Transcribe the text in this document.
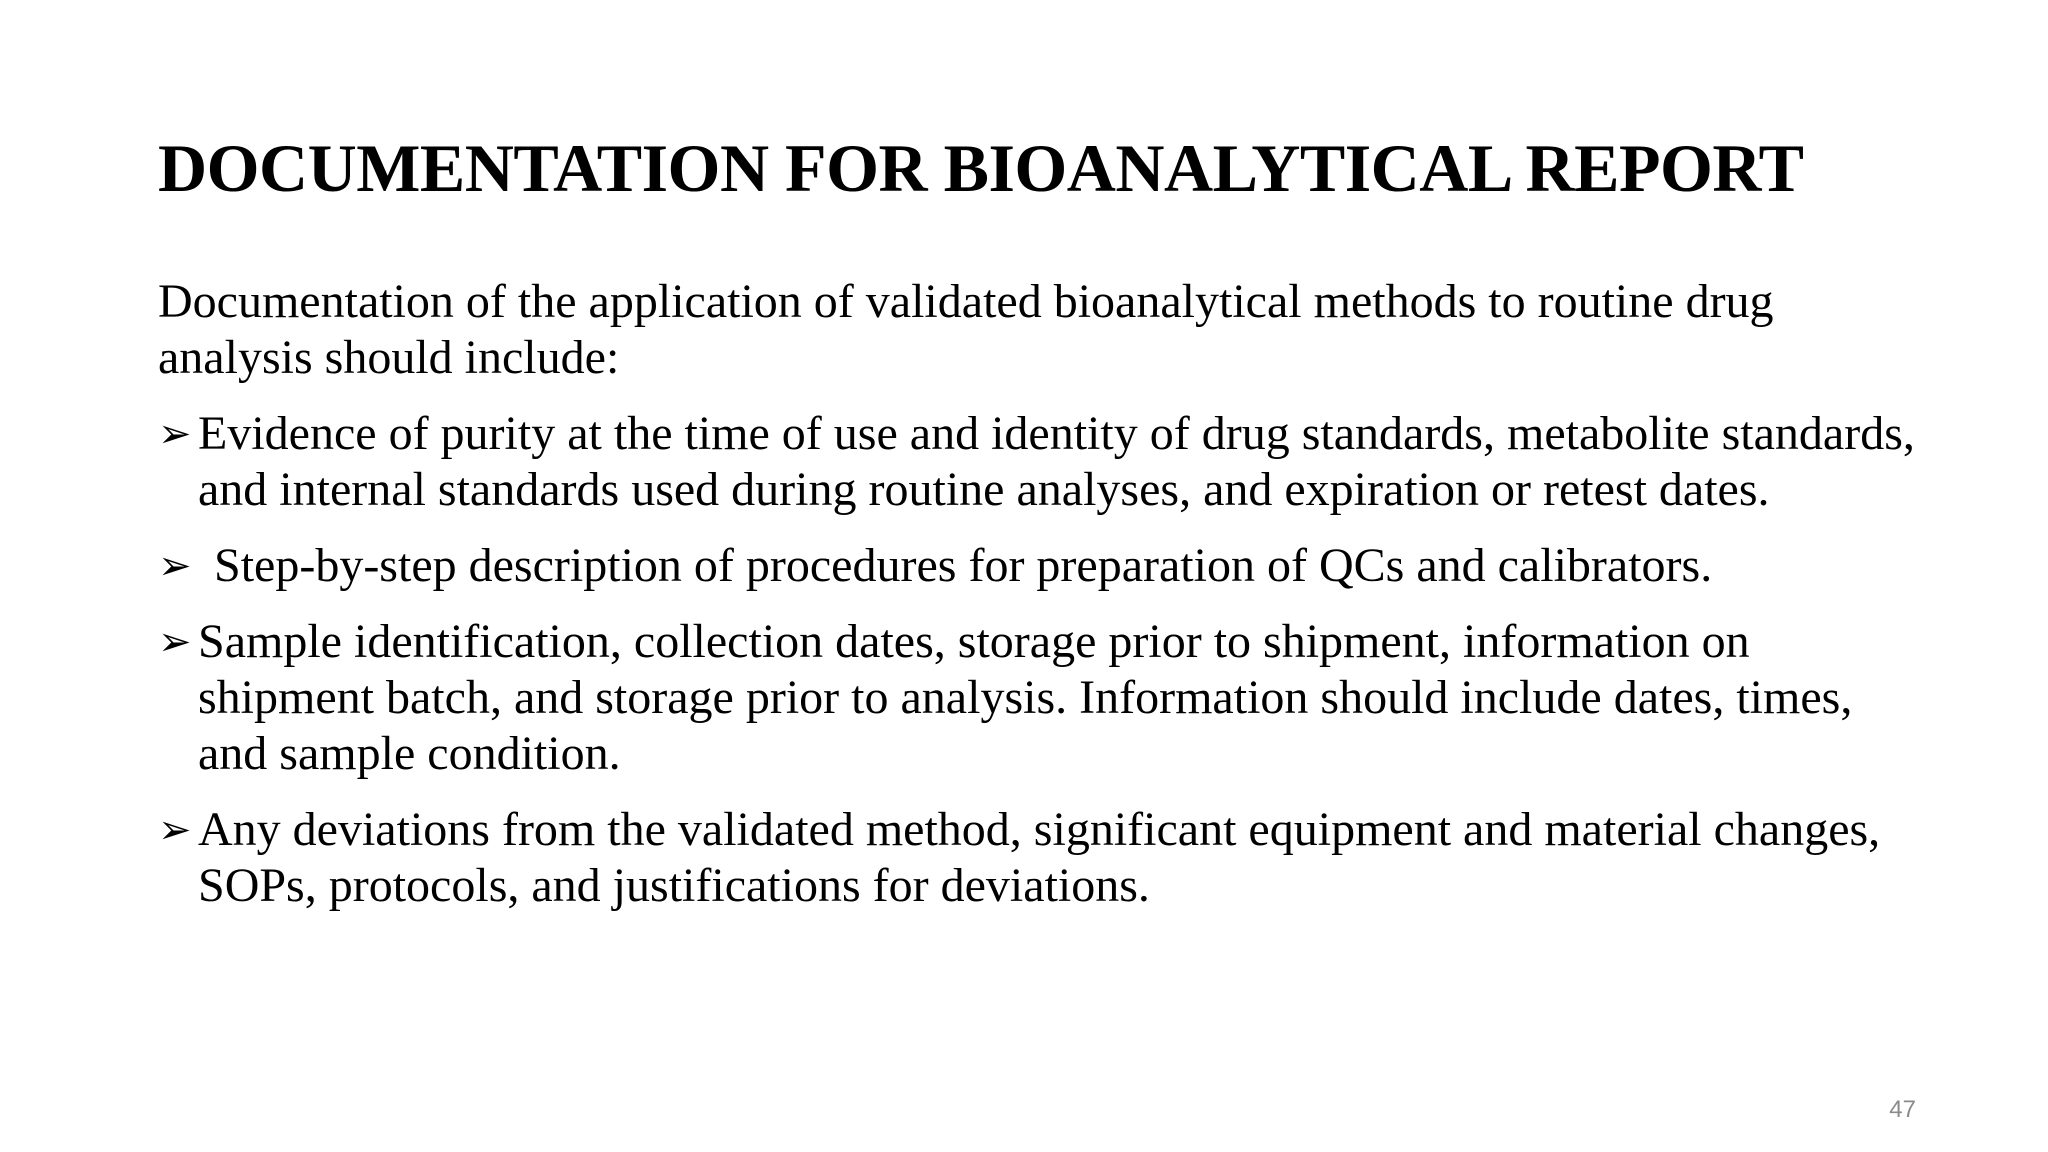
DOCUMENTATION FOR BIOANALYTICAL REPORT

Documentation of the application of validated bioanalytical methods to routine drug analysis should include:

➢ Evidence of purity at the time of use and identity of drug standards, metabolite standards, and internal standards used during routine analyses, and expiration or retest dates.
➢ Step-by-step description of procedures for preparation of QCs and calibrators.
➢ Sample identification, collection dates, storage prior to shipment, information on shipment batch, and storage prior to analysis. Information should include dates, times, and sample condition.
➢ Any deviations from the validated method, significant equipment and material changes, SOPs, protocols, and justifications for deviations.
47
